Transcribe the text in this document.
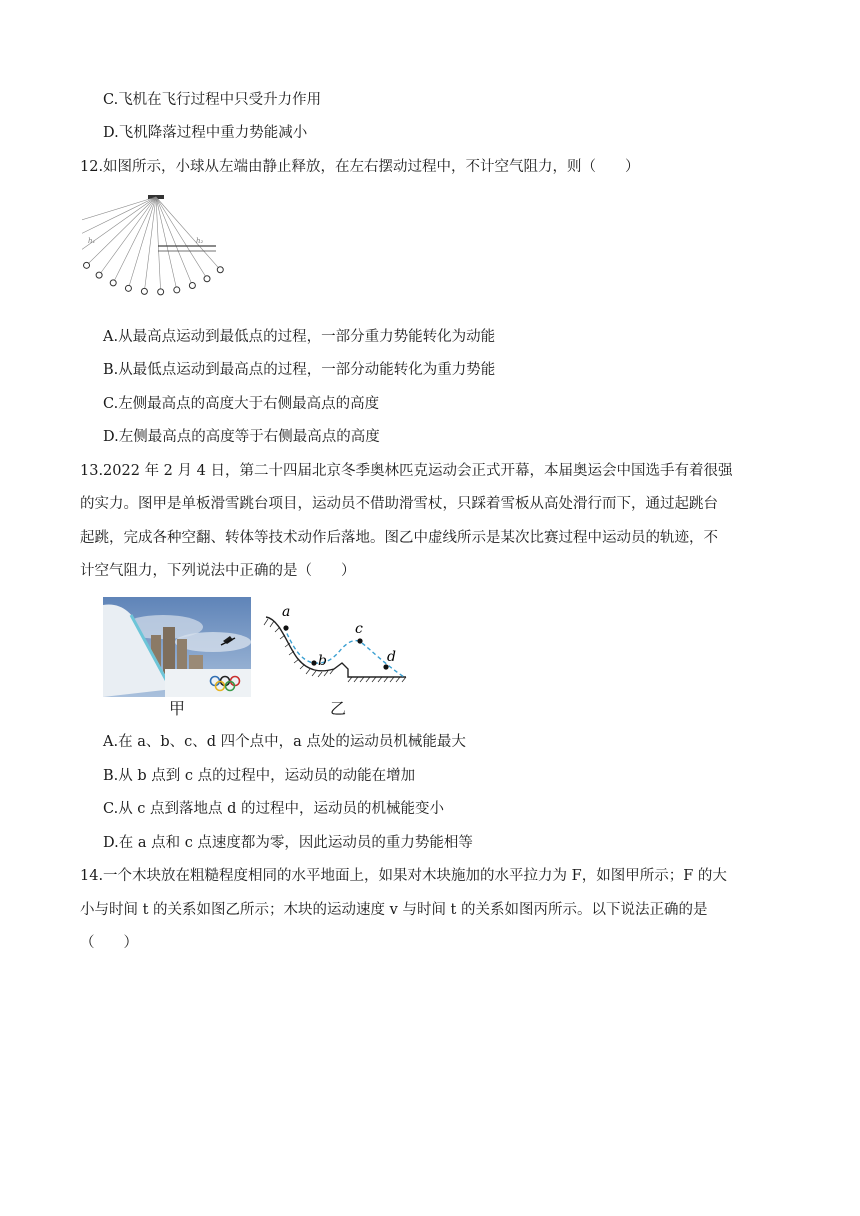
C.飞机在飞行过程中只受升力作用
D.飞机降落过程中重力势能减小
12.如图所示，小球从左端由静止释放，在左右摆动过程中，不计空气阻力，则（　　）
h₁	h₂
A.从最高点运动到最低点的过程，一部分重力势能转化为动能
B.从最低点运动到最高点的过程，一部分动能转化为重力势能
C.左侧最高点的高度大于右侧最高点的高度
D.左侧最高点的高度等于右侧最高点的高度
13.2022 年 2 月 4 日，第二十四届北京冬季奥林匹克运动会正式开幕，本届奥运会中国选手有着很强
的实力。图甲是单板滑雪跳台项目，运动员不借助滑雪杖，只踩着雪板从高处滑行而下，通过起跳台
起跳，完成各种空翻、转体等技术动作后落地。图乙中虚线所示是某次比赛过程中运动员的轨迹，不
计空气阻力，下列说法中正确的是（　　）
甲
a
b
c
d
乙
A.在 a、b、c、d 四个点中，a 点处的运动员机械能最大
B.从 b 点到 c 点的过程中，运动员的动能在增加
C.从 c 点到落地点 d 的过程中，运动员的机械能变小
D.在 a 点和 c 点速度都为零，因此运动员的重力势能相等
14.一个木块放在粗糙程度相同的水平地面上，如果对木块施加的水平拉力为 F，如图甲所示；F 的大
小与时间 t 的关系如图乙所示；木块的运动速度 v 与时间 t 的关系如图丙所示。以下说法正确的是
（　　）
